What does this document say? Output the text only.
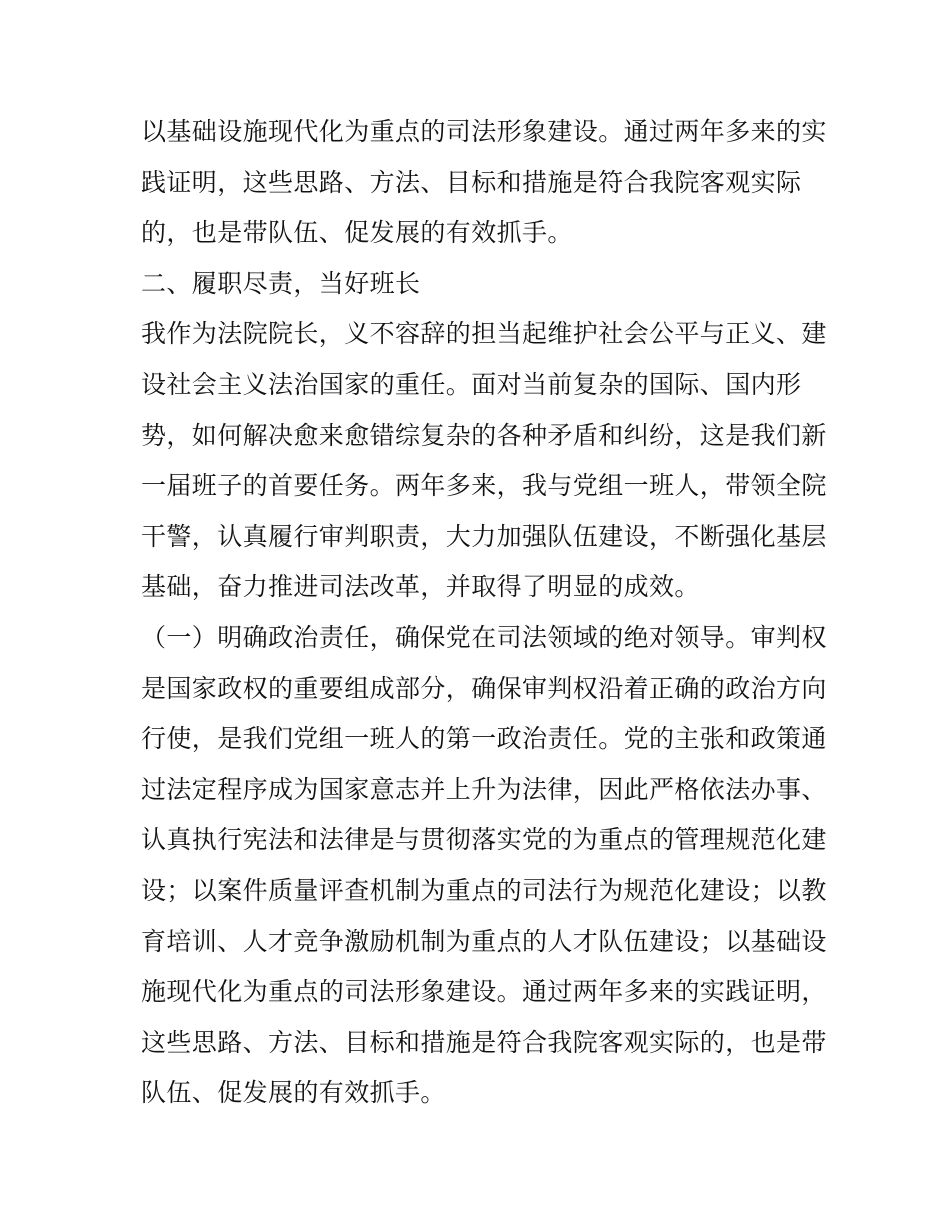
以基础设施现代化为重点的司法形象建设。通过两年多来的实
践证明，这些思路、方法、目标和措施是符合我院客观实际
的，也是带队伍、促发展的有效抓手。
二、履职尽责，当好班长
我作为法院院长，义不容辞的担当起维护社会公平与正义、建
设社会主义法治国家的重任。面对当前复杂的国际、国内形
势，如何解决愈来愈错综复杂的各种矛盾和纠纷，这是我们新
一届班子的首要任务。两年多来，我与党组一班人，带领全院
干警，认真履行审判职责，大力加强队伍建设，不断强化基层
基础，奋力推进司法改革，并取得了明显的成效。
（一）明确政治责任，确保党在司法领域的绝对领导。审判权
是国家政权的重要组成部分，确保审判权沿着正确的政治方向
行使，是我们党组一班人的第一政治责任。党的主张和政策通
过法定程序成为国家意志并上升为法律，因此严格依法办事、
认真执行宪法和法律是与贯彻落实党的为重点的管理规范化建
设；以案件质量评查机制为重点的司法行为规范化建设；以教
育培训、人才竞争激励机制为重点的人才队伍建设；以基础设
施现代化为重点的司法形象建设。通过两年多来的实践证明，
这些思路、方法、目标和措施是符合我院客观实际的，也是带
队伍、促发展的有效抓手。
